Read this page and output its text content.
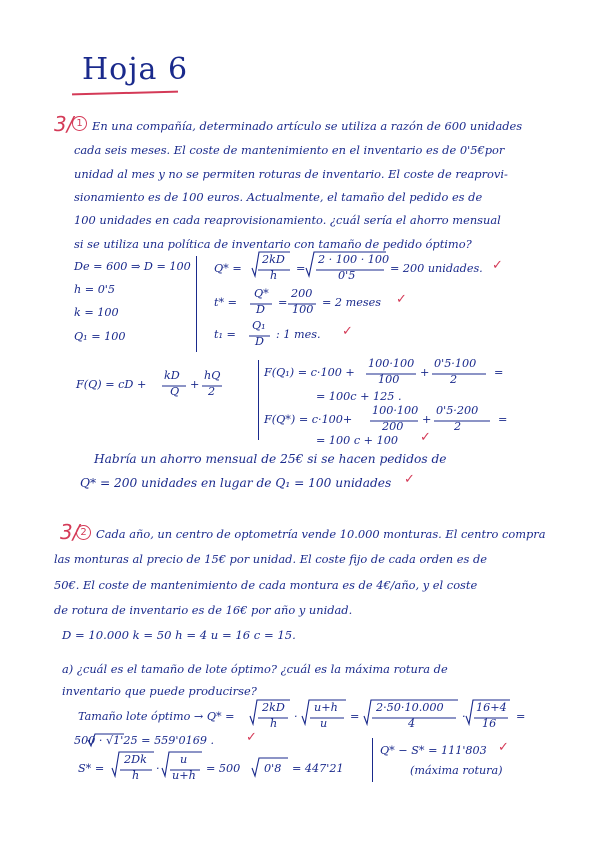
Hoja 6

3/ 1 En una compañía, determinado artículo se utiliza a razón de 600 unidades

cada seis meses. El coste de mantenimiento en el inventario es de 0'5€por

unidad al mes y no se permiten roturas de inventario. El coste de reaprovi-

sionamiento es de 100 euros. Actualmente, el tamaño del pedido es de

100 unidades en cada reaprovisionamiento. ¿cuál sería el ahorro mensual

si se utiliza una política de inventario con tamaño de pedido óptimo?

De = 600 ⇒ D = 100

h = 0'5

k = 100

Q₁ = 100

Q* =

2kD

h

=

2 · 100 · 100

0'5

= 200 unidades. ✓

t* =

Q*

D

=

200

100

= 2 meses ✓

t₁ =

Q₁

D

: 1 mes. ✓

F(Q) = cD +

kD

Q

+

hQ

2

F(Q₁) = c·100 +

100·100

100

+

0'5·100

2

=

= 100c + 125 .

F(Q*) = c·100+

100·100

200

+

0'5·200

2

=

= 100 c + 100 ✓

Habría un ahorro mensual de 25€ si se hacen pedidos de

Q* = 200 unidades en lugar de Q₁ = 100 unidades ✓

3/ 2 Cada año, un centro de optometría vende 10.000 monturas. El centro compra

las monturas al precio de 15€ por unidad. El coste fijo de cada orden es de

50€. El coste de mantenimiento de cada montura es de 4€/año, y el coste

de rotura de inventario es de 16€ por año y unidad.

D = 10.000 k = 50 h = 4 u = 16 c = 15.

a) ¿cuál es el tamaño de lote óptimo? ¿cuál es la máxima rotura de

inventario que puede producirse?

Tamaño lote óptimo → Q* =

2kD

h

·

u+h

u

=

2·50·10.000

4

·

16+4

16

=

500 · √1'25 = 559'0169 . ✓

S* =

2Dk

h

·

u

u+h

= 500 0'8 = 447'21

Q* − S* = 111'803 ✓

(máxima rotura)
